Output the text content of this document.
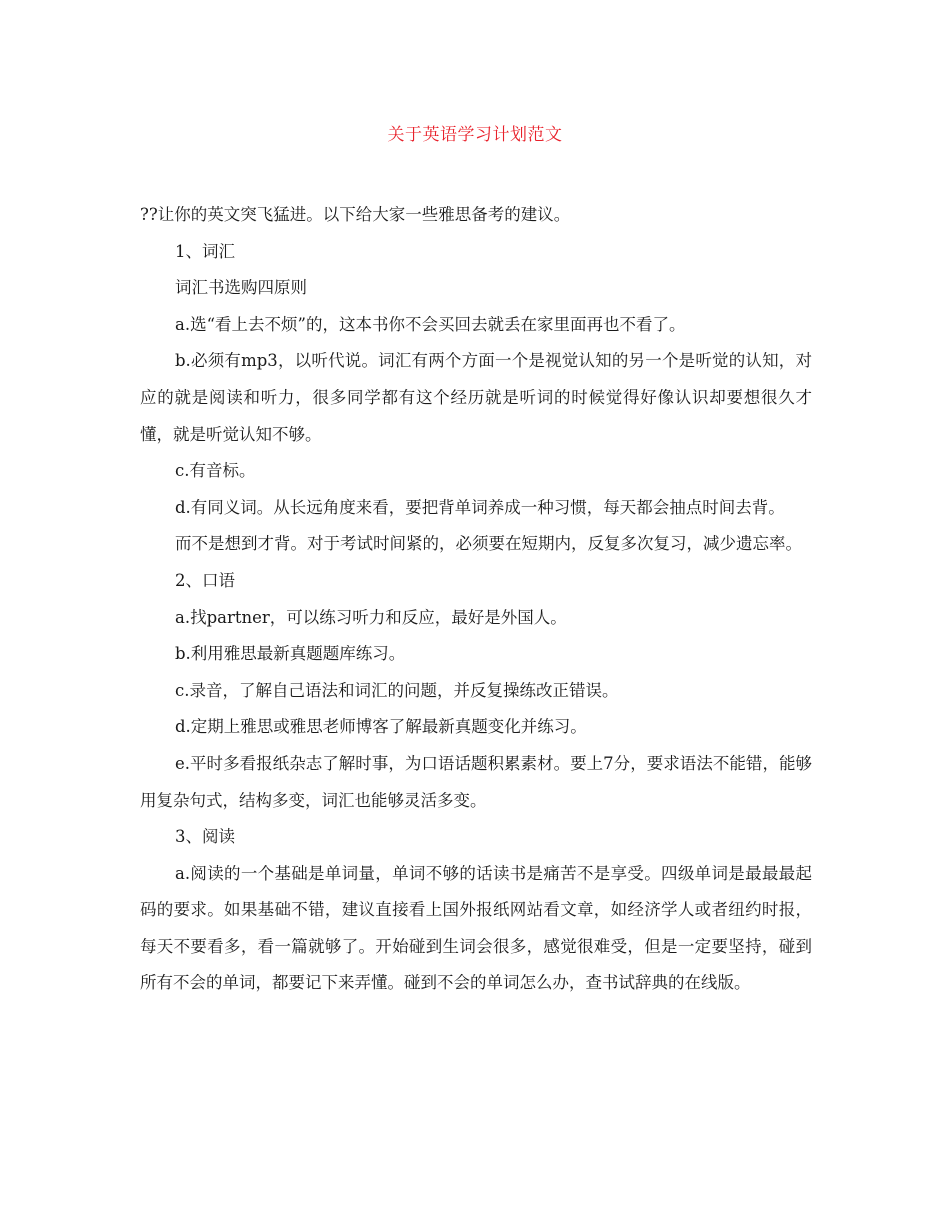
关于英语学习计划范文

??让你的英文突飞猛进。以下给大家一些雅思备考的建议。

1、词汇

词汇书选购四原则

a.选“看上去不烦”的，这本书你不会买回去就丢在家里面再也不看了。

b.必须有mp3，以听代说。词汇有两个方面一个是视觉认知的另一个是听觉的认知，对应的就是阅读和听力，很多同学都有这个经历就是听词的时候觉得好像认识却要想很久才懂，就是听觉认知不够。

c.有音标。

d.有同义词。从长远角度来看，要把背单词养成一种习惯，每天都会抽点时间去背。

而不是想到才背。对于考试时间紧的，必须要在短期内，反复多次复习，减少遗忘率。

2、口语

a.找partner，可以练习听力和反应，最好是外国人。

b.利用雅思最新真题题库练习。

c.录音，了解自己语法和词汇的问题，并反复操练改正错误。

d.定期上雅思或雅思老师博客了解最新真题变化并练习。

e.平时多看报纸杂志了解时事，为口语话题积累素材。要上7分，要求语法不能错，能够用复杂句式，结构多变，词汇也能够灵活多变。

3、阅读

a.阅读的一个基础是单词量，单词不够的话读书是痛苦不是享受。四级单词是最最最起码的要求。如果基础不错，建议直接看上国外报纸网站看文章，如经济学人或者纽约时报，每天不要看多，看一篇就够了。开始碰到生词会很多，感觉很难受，但是一定要坚持，碰到所有不会的单词，都要记下来弄懂。碰到不会的单词怎么办，查书试辞典的在线版。
